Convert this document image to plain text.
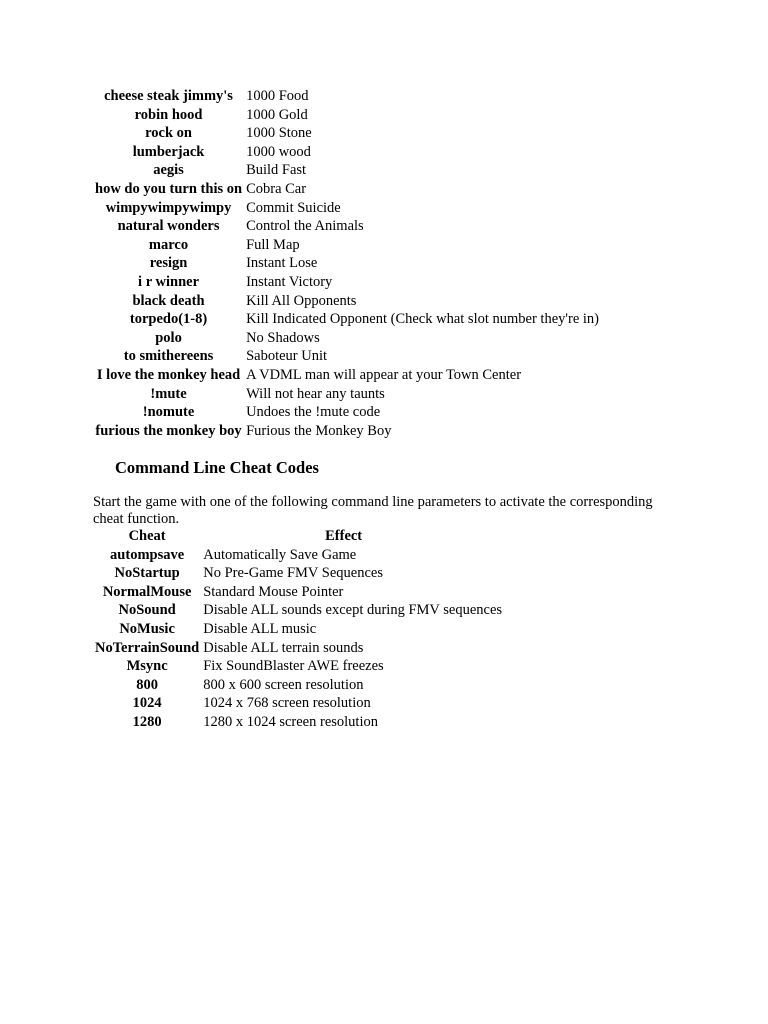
cheese steak jimmy's	1000 Food
robin hood	1000 Gold
rock on	1000 Stone
lumberjack	1000 wood
aegis	Build Fast
how do you turn this on	Cobra Car
wimpywimpywimpy	Commit Suicide
natural wonders	Control the Animals
marco	Full Map
resign	Instant Lose
i r winner	Instant Victory
black death	Kill All Opponents
torpedo(1-8)	Kill Indicated Opponent (Check what slot number they're in)
polo	No Shadows
to smithereens	Saboteur Unit
I love the monkey head	A VDML man will appear at your Town Center
!mute	Will not hear any taunts
!nomute	Undoes the !mute code
furious the monkey boy	Furious the Monkey Boy
Command Line Cheat Codes

Start the game with one of the following command line parameters to activate the corresponding cheat function.

Cheat	Effect
autompsave	Automatically Save Game
NoStartup	No Pre-Game FMV Sequences
NormalMouse	Standard Mouse Pointer
NoSound	Disable ALL sounds except during FMV sequences
NoMusic	Disable ALL music
NoTerrainSound	Disable ALL terrain sounds
Msync	Fix SoundBlaster AWE freezes
800	800 x 600 screen resolution
1024	1024 x 768 screen resolution
1280	1280 x 1024 screen resolution
